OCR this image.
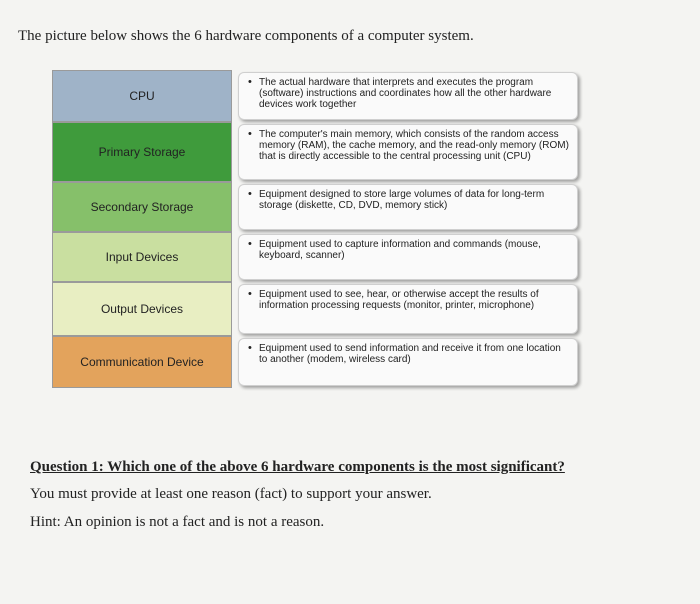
The picture below shows the 6 hardware components of a computer system.
CPU
• The actual hardware that interprets and executes the program (software) instructions and coordinates how all the other hardware devices work together
Primary Storage
• The computer's main memory, which consists of the random access memory (RAM), the cache memory, and the read-only memory (ROM) that is directly accessible to the central processing unit (CPU)
Secondary Storage
• Equipment designed to store large volumes of data for long-term storage (diskette, CD, DVD, memory stick)
Input Devices
• Equipment used to capture information and commands (mouse, keyboard, scanner)
Output Devices
• Equipment used to see, hear, or otherwise accept the results of information processing requests (monitor, printer, microphone)
Communication Device
• Equipment used to send information and receive it from one location to another (modem, wireless card)
Question 1: Which one of the above 6 hardware components is the most significant?
You must provide at least one reason (fact) to support your answer.
Hint: An opinion is not a fact and is not a reason.
